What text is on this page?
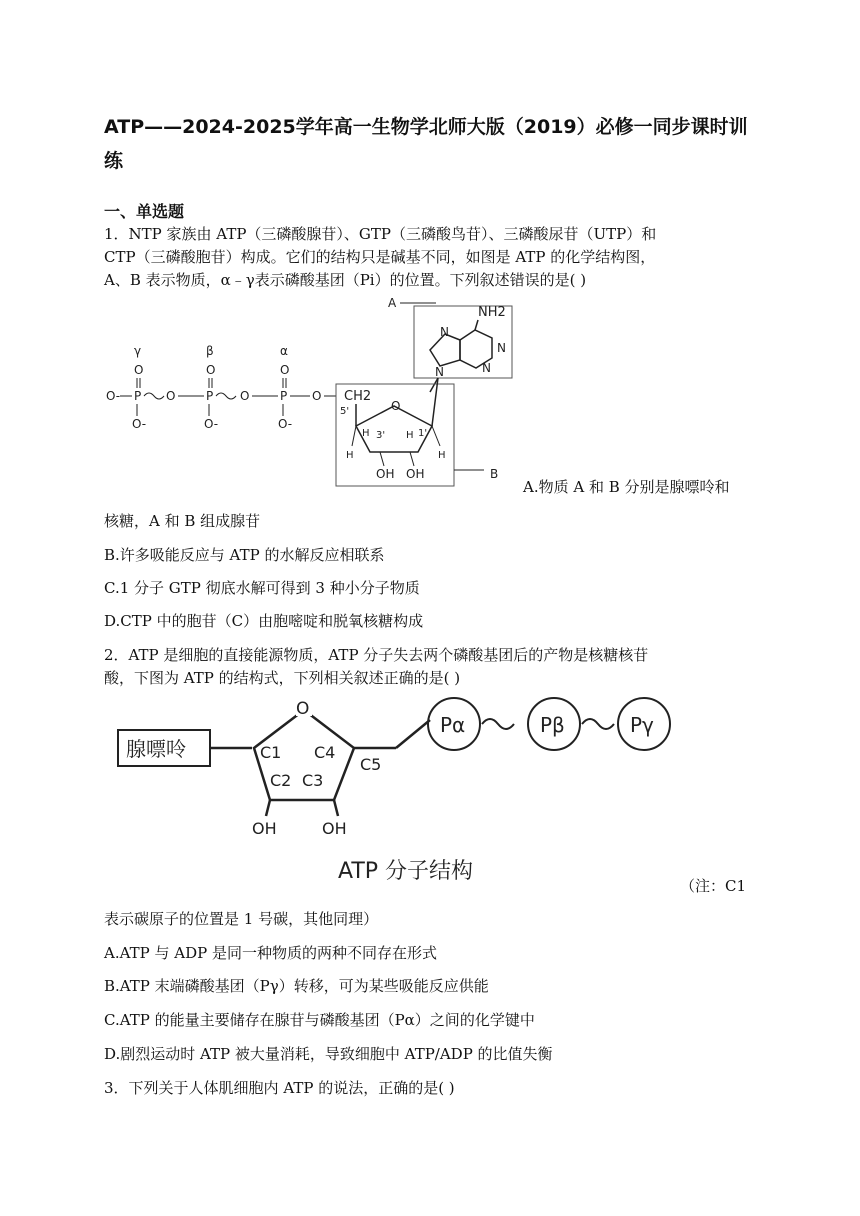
ATP——2024-2025学年高一生物学北师大版（2019）必修一同步课时训
练
一、单选题
1．NTP 家族由 ATP（三磷酸腺苷）、GTP（三磷酸鸟苷）、三磷酸尿苷（UTP）和
CTP（三磷酸胞苷）构成。它们的结构只是碱基不同，如图是 ATP 的化学结构图，
A、B 表示物质，α﹣γ表示磷酸基团（Pi）的位置。下列叙述错误的是( )
A
NH2
N
N
N
N
γ	β	α
O	O	O
O- P O	P O	P O
O-	O-	O-
CH2
5'	O
3'	1'
H	H
H	H
OH OH	B
A.物质 A 和 B 分别是腺嘌呤和
核糖，A 和 B 组成腺苷
B.许多吸能反应与 ATP 的水解反应相联系
C.1 分子 GTP 彻底水解可得到 3 种小分子物质
D.CTP 中的胞苷（C）由胞嘧啶和脱氧核糖构成
2．ATP 是细胞的直接能源物质，ATP 分子失去两个磷酸基团后的产物是核糖核苷
酸，下图为 ATP 的结构式，下列相关叙述正确的是( )
腺嘌呤
O
C1 C4
C2 C3
OH	OH
C5
Pα	Pβ	Pγ
ATP 分子结构
（注：C1
表示碳原子的位置是 1 号碳，其他同理）
A.ATP 与 ADP 是同一种物质的两种不同存在形式
B.ATP 末端磷酸基团（Pγ）转移，可为某些吸能反应供能
C.ATP 的能量主要储存在腺苷与磷酸基团（Pα）之间的化学键中
D.剧烈运动时 ATP 被大量消耗，导致细胞中 ATP/ADP 的比值失衡
3．下列关于人体肌细胞内 ATP 的说法，正确的是( )
